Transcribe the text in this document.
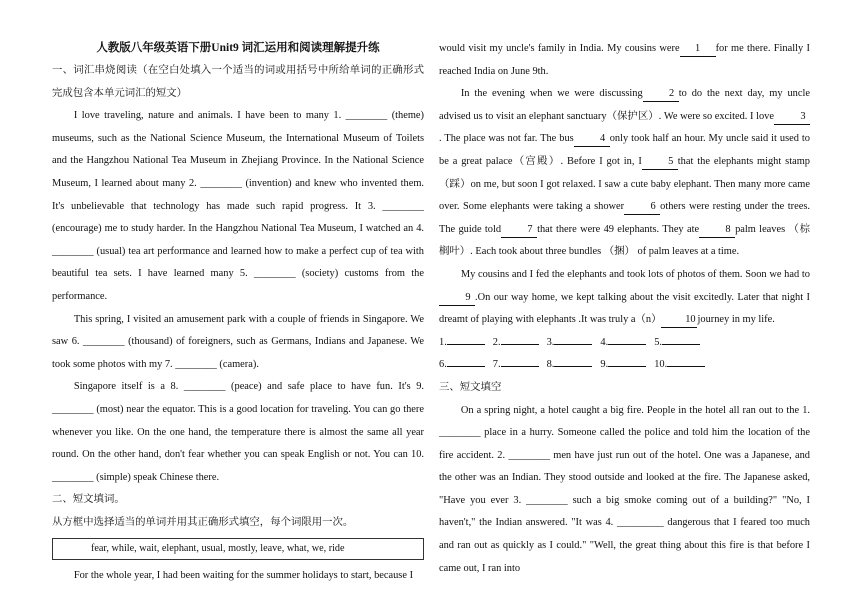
人教版八年级英语下册Unit9 词汇运用和阅读理解提升练

一、词汇串烧阅读（在空白处填入一个适当的词或用括号中所给单词的正确形式完成包含本单元词汇的短文）

I love traveling, nature and animals. I have been to many 1. ________ (theme) museums, such as the National Science Museum, the International Museum of Toilets and the Hangzhou National Tea Museum in Zhejiang Province. In the National Science Museum, I learned about many 2. ________ (invention) and knew who invented them. It's unbelievable that technology has made such rapid progress. It 3. ________ (encourage) me to study harder. In the Hangzhou National Tea Museum, I watched an 4. ________ (usual) tea art performance and learned how to make a perfect cup of tea with beautiful tea sets. I have learned many 5. ________ (society) customs from the performance.

This spring, I visited an amusement park with a couple of friends in Singapore. We saw 6. ________ (thousand) of foreigners, such as Germans, Indians and Japanese. We took some photos with my 7. ________ (camera).

Singapore itself is a 8. ________ (peace) and safe place to have fun. It's 9. ________ (most) near the equator. This is a good location for traveling. You can go there whenever you like. On the one hand, the temperature there is almost the same all year round. On the other hand, don't fear whether you can speak English or not. You can 10. ________ (simple) speak Chinese there.

二、短文填词。

从方框中选择适当的单词并用其正确形式填空，每个词限用一次。

fear, while, wait, elephant, usual, mostly, leave, what, we, ride

For the whole year, I had been waiting for the summer holidays to start, because I

would visit my uncle's family in India. My cousins were 1 for me there. Finally I reached India on June 9th.

In the evening when we were discussing	2 to do the next day, my uncle advised us to visit an elephant sanctuary（保护区）. We were so excited. I love	3. The place was not far. The bus	4 only took half an hour. My uncle said it used to be a great palace（宫殿）. Before I got in, I	5 that the elephants might stamp（踩）on me, but soon I got relaxed. I saw a cute baby elephant. Then many more came over. Some elephants were taking a shower	6 others were resting under the trees. The guide told	7 that there were 49 elephants. They ate	8 palm leaves （棕榈叶）. Each took about three bundles （捆） of palm leaves at a time.

My cousins and I fed the elephants and took lots of photos of them. Soon we had to9 .On our way home, we kept talking about the visit excitedly. Later that night I dreamt of playing with elephants .It was truly a（n） 10 journey in my life.

1.	2.	3.	4.	5.

6.	7.	8.	9.	10.

三、短文填空

On a spring night, a hotel caught a big fire. People in the hotel all ran out to the 1. ________ place in a hurry. Someone called the police and told him the location of the fire accident. 2. ________ men have just run out of the hotel. One was a Japanese, and the other was an Indian. They stood outside and looked at the fire. The Japanese asked, "Have you ever 3. ________ such a big smoke coming out of a building?" "No, I haven't," the Indian answered. "It was 4. _________ dangerous that I feared too much and ran out as quickly as I could." "Well, the great thing about this fire is that before I came out, I ran into
